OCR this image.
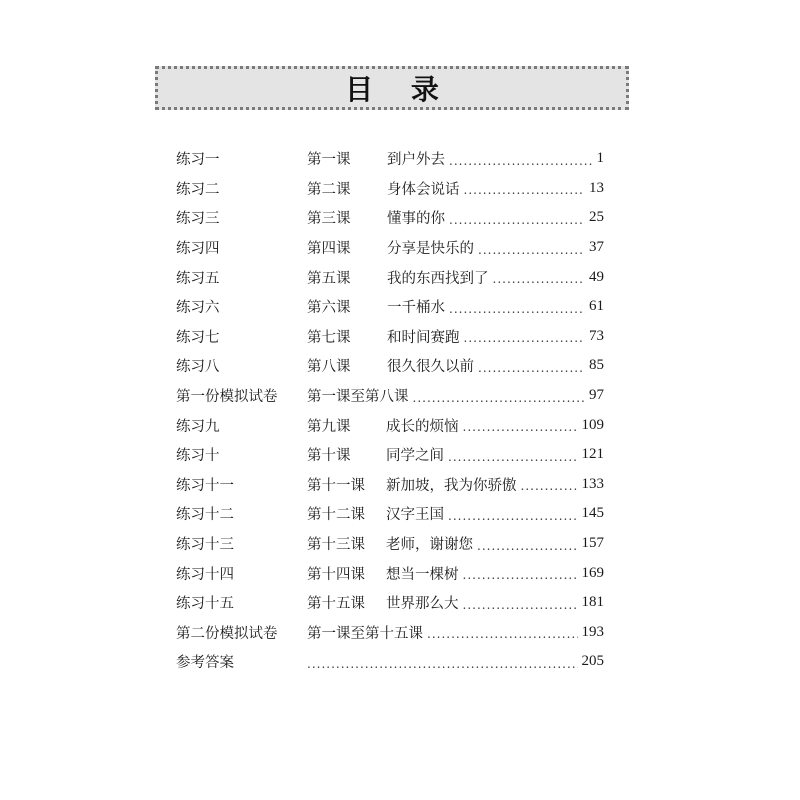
目 录
练习一	第一课	到户外去 .....	1
练习二	第二课	身体会说话 .....	13
练习三	第三课	懂事的你 .....	25
练习四	第四课	分享是快乐的 .....	37
练习五	第五课	我的东西找到了 .....	49
练习六	第六课	一千桶水 .....	61
练习七	第七课	和时间赛跑 .....	73
练习八	第八课	很久很久以前 .....	85
第一份模拟试卷	第一课至第八课 .....	97
练习九	第九课	成长的烦恼 .....	109
练习十	第十课	同学之间 .....	121
练习十一	第十一课	新加坡，我为你骄傲 .....	133
练习十二	第十二课	汉字王国 .....	145
练习十三	第十三课	老师，谢谢您 .....	157
练习十四	第十四课	想当一棵树 .....	169
练习十五	第十五课	世界那么大 .....	181
第二份模拟试卷	第一课至第十五课 .....	193
参考答案 .....	205
